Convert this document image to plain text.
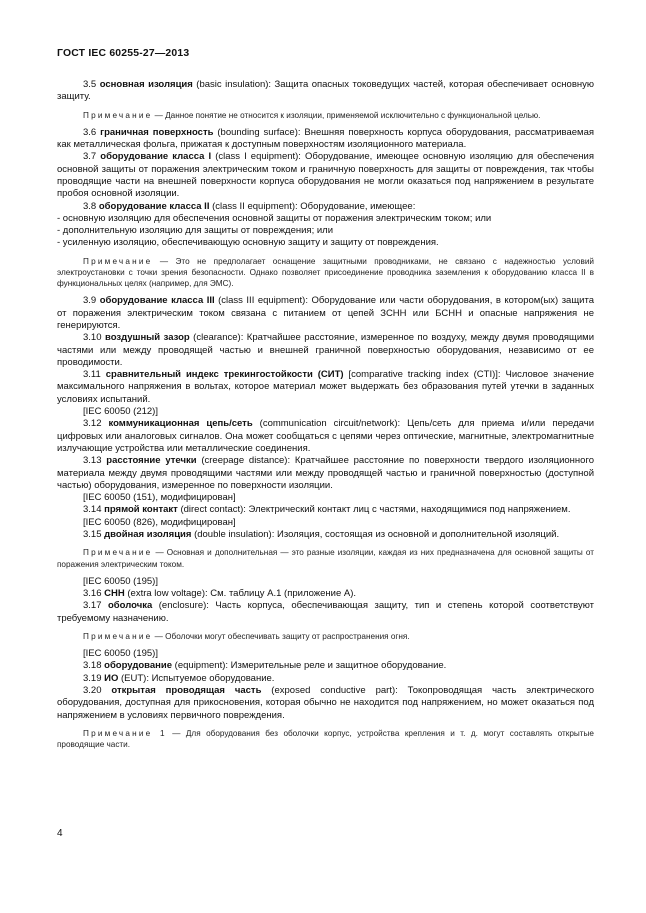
ГОСТ IEC 60255-27—2013

3.5 основная изоляция (basic insulation): Защита опасных токоведущих частей, которая обеспечивает основную защиту.

Примечание — Данное понятие не относится к изоляции, применяемой исключительно с функциональной целью.

3.6 граничная поверхность (bounding surface): Внешняя поверхность корпуса оборудования, рассматриваемая как металлическая фольга, прижатая к доступным поверхностям изоляционного материала.

3.7 оборудование класса I (class I equipment): Оборудование, имеющее основную изоляцию для обеспечения основной защиты от поражения электрическим током и граничную поверхность для защиты от повреждения, так чтобы проводящие части на внешней поверхности корпуса оборудования не могли оказаться под напряжением в результате пробоя основной изоляции.

3.8 оборудование класса II (class II equipment): Оборудование, имеющее:

- основную изоляцию для обеспечения основной защиты от поражения электрическим током; или

- дополнительную изоляцию для защиты от повреждения; или

- усиленную изоляцию, обеспечивающую основную защиту и защиту от повреждения.

Примечание — Это не предполагает оснащение защитными проводниками, не связано с надежностью условий электроустановки с точки зрения безопасности. Однако позволяет присоединение проводника заземления к оборудованию класса II в функциональных целях (например, для ЭМС).

3.9 оборудование класса III (class III equipment): Оборудование или части оборудования, в котором(ых) защита от поражения электрическим током связана с питанием от цепей ЗСНН или БСНН и опасные напряжения не генерируются.

3.10 воздушный зазор (clearance): Кратчайшее расстояние, измеренное по воздуху, между двумя проводящими частями или между проводящей частью и внешней граничной поверхностью оборудования, независимо от ее проводимости.

3.11 сравнительный индекс трекингостойкости (СИТ) [comparative tracking index (CTI)]: Числовое значение максимального напряжения в вольтах, которое материал может выдержать без образования путей утечки в заданных условиях испытаний.

[IEC 60050 (212)]

3.12 коммуникационная цепь/сеть (communication circuit/network): Цепь/сеть для приема и/или передачи цифровых или аналоговых сигналов. Она может сообщаться с цепями через оптические, магнитные, электромагнитные излучающие устройства или металлические соединения.

3.13 расстояние утечки (creepage distance): Кратчайшее расстояние по поверхности твердого изоляционного материала между двумя проводящими частями или между проводящей частью и граничной поверхностью (доступной частью) оборудования, измеренное по поверхности изоляции.

[IEC 60050 (151), модифицирован]

3.14 прямой контакт (direct contact): Электрический контакт лиц с частями, находящимися под напряжением.

[IEC 60050 (826), модифицирован]

3.15 двойная изоляция (double insulation): Изоляция, состоящая из основной и дополнительной изоляций.

Примечание — Основная и дополнительная — это разные изоляции, каждая из них предназначена для основной защиты от поражения электрическим током.

[IEC 60050 (195)]

3.16 СНН (extra low voltage): См. таблицу А.1 (приложение А).

3.17 оболочка (enclosure): Часть корпуса, обеспечивающая защиту, тип и степень которой соответствуют требуемому назначению.

Примечание — Оболочки могут обеспечивать защиту от распространения огня.

[IEC 60050 (195)]

3.18 оборудование (equipment): Измерительные реле и защитное оборудование.

3.19 ИО (EUT): Испытуемое оборудование.

3.20 открытая проводящая часть (exposed conductive part): Токопроводящая часть электрического оборудования, доступная для прикосновения, которая обычно не находится под напряжением, но может оказаться под напряжением в условиях первичного повреждения.

Примечание 1 — Для оборудования без оболочки корпус, устройства крепления и т. д. могут составлять открытые проводящие части.

4
